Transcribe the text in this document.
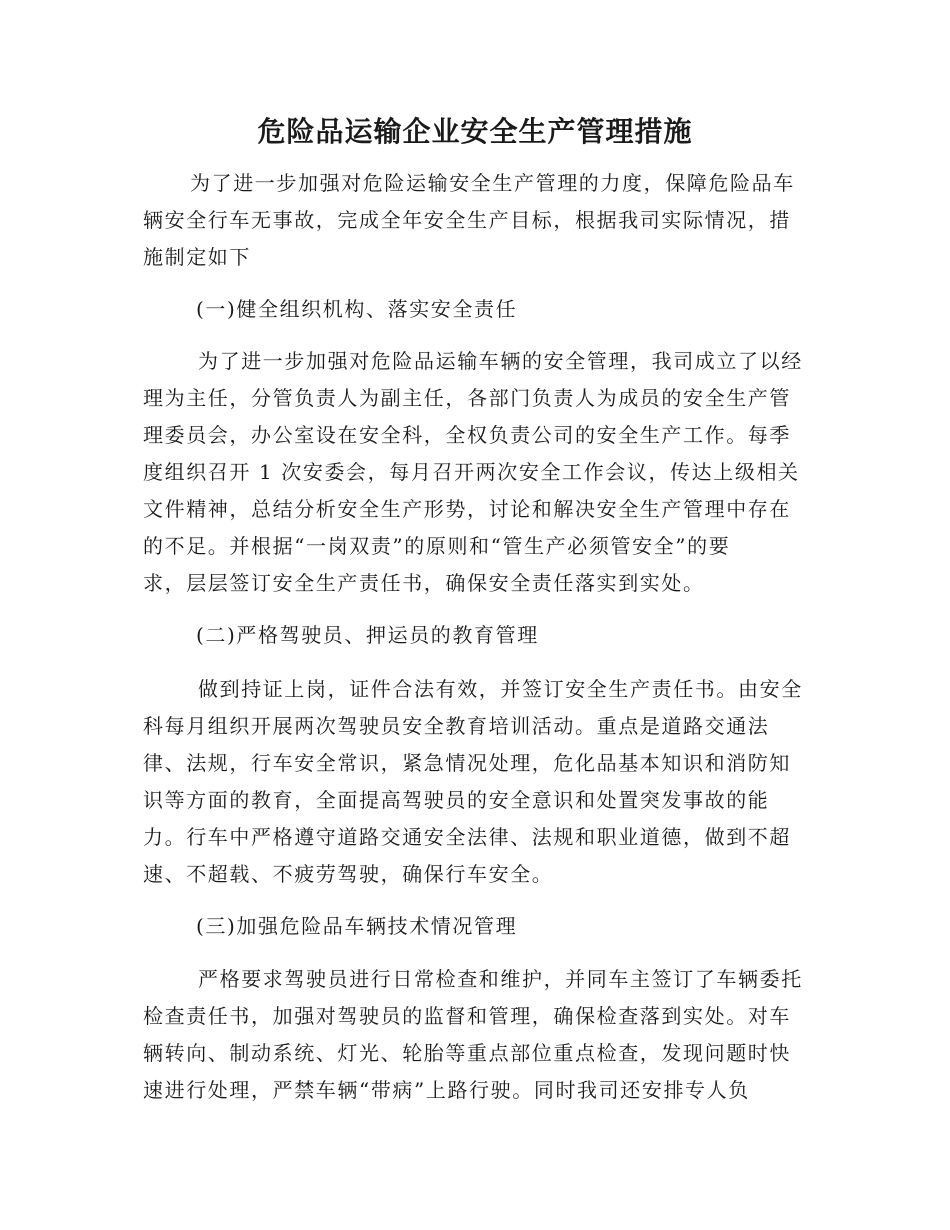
危险品运输企业安全生产管理措施

为了进一步加强对危险运输安全生产管理的力度，保障危险品车

辆安全行车无事故，完成全年安全生产目标，根据我司实际情况，措

施制定如下

(一)健全组织机构、落实安全责任

为了进一步加强对危险品运输车辆的安全管理，我司成立了以经

理为主任，分管负责人为副主任，各部门负责人为成员的安全生产管

理委员会，办公室设在安全科，全权负责公司的安全生产工作。每季

度组织召开 1 次安委会，每月召开两次安全工作会议，传达上级相关

文件精神，总结分析安全生产形势，讨论和解决安全生产管理中存在

的不足。并根据“一岗双责”的原则和“管生产必须管安全”的要

求，层层签订安全生产责任书，确保安全责任落实到实处。

(二)严格驾驶员、押运员的教育管理

做到持证上岗，证件合法有效，并签订安全生产责任书。由安全

科每月组织开展两次驾驶员安全教育培训活动。重点是道路交通法

律、法规，行车安全常识，紧急情况处理，危化品基本知识和消防知

识等方面的教育，全面提高驾驶员的安全意识和处置突发事故的能

力。行车中严格遵守道路交通安全法律、法规和职业道德，做到不超

速、不超载、不疲劳驾驶，确保行车安全。

(三)加强危险品车辆技术情况管理

严格要求驾驶员进行日常检查和维护，并同车主签订了车辆委托

检查责任书，加强对驾驶员的监督和管理，确保检查落到实处。对车

辆转向、制动系统、灯光、轮胎等重点部位重点检查，发现问题时快

速进行处理，严禁车辆“带病”上路行驶。同时我司还安排专人负
